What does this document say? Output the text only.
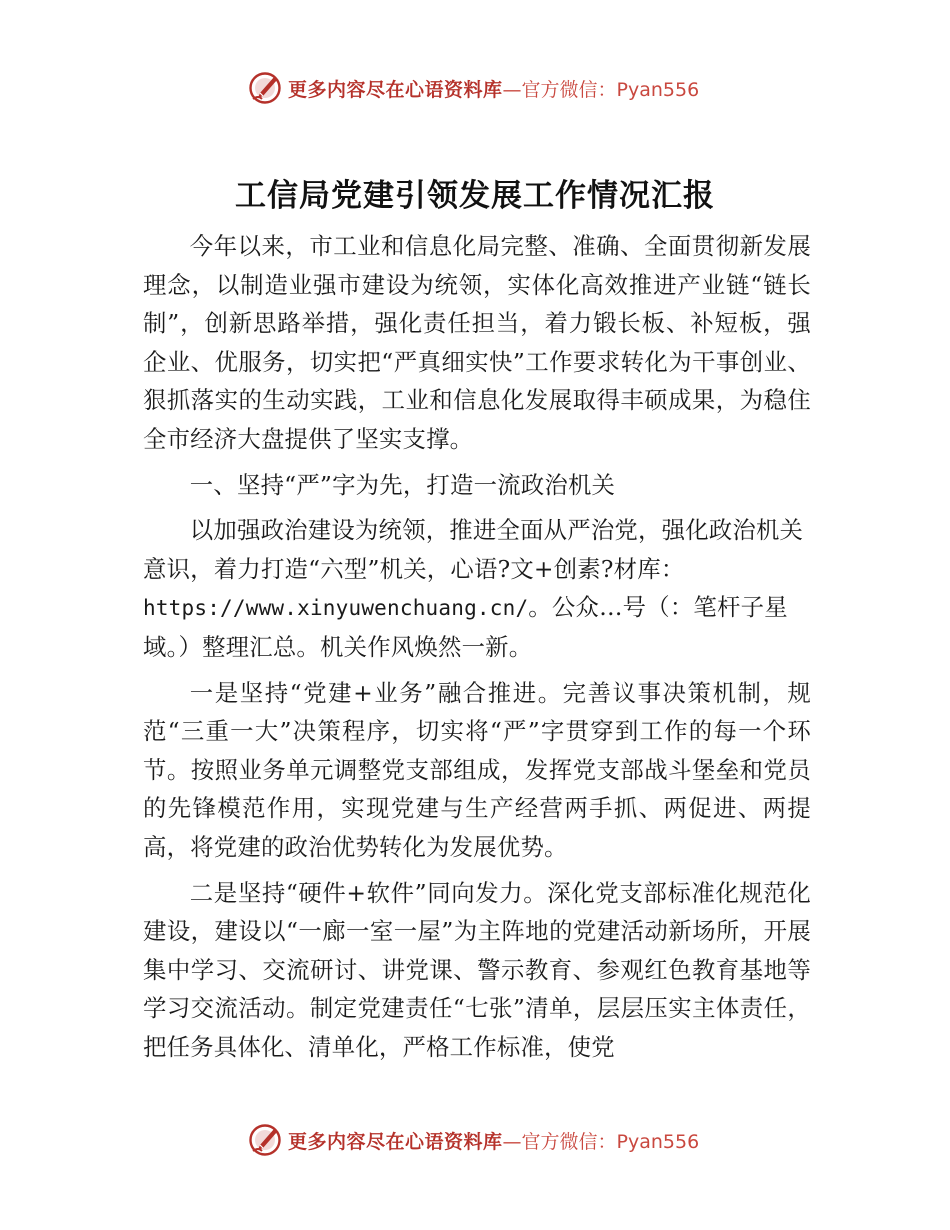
更多内容尽在心语资料库 —官方微信：Pyan556
工信局党建引领发展工作情况汇报

今年以来，市工业和信息化局完整、准确、全面贯彻新发展理念，以制造业强市建设为统领，实体化高效推进产业链“链长制”，创新思路举措，强化责任担当，着力锻长板、补短板，强企业、优服务，切实把“严真细实快”工作要求转化为干事创业、狠抓落实的生动实践，工业和信息化发展取得丰硕成果，为稳住全市经济大盘提供了坚实支撑。

一、坚持“严”字为先，打造一流政治机关

以加强政治建设为统领，推进全面从严治党，强化政治机关意识，着力打造“六型”机关，心语?文+创素?材库：https://www.xinyuwenchuang.cn/。公众…号（：笔杆子星域。）整理汇总。机关作风焕然一新。

一是坚持“党建+业务”融合推进。完善议事决策机制，规范“三重一大”决策程序，切实将“严”字贯穿到工作的每一个环节。按照业务单元调整党支部组成，发挥党支部战斗堡垒和党员的先锋模范作用，实现党建与生产经营两手抓、两促进、两提高，将党建的政治优势转化为发展优势。

二是坚持“硬件+软件”同向发力。深化党支部标准化规范化建设，建设以“一廊一室一屋”为主阵地的党建活动新场所，开展集中学习、交流研讨、讲党课、警示教育、参观红色教育基地等学习交流活动。制定党建责任“七张”清单，层层压实主体责任，把任务具体化、清单化，严格工作标准，使党

更多内容尽在心语资料库 —官方微信：Pyan556
